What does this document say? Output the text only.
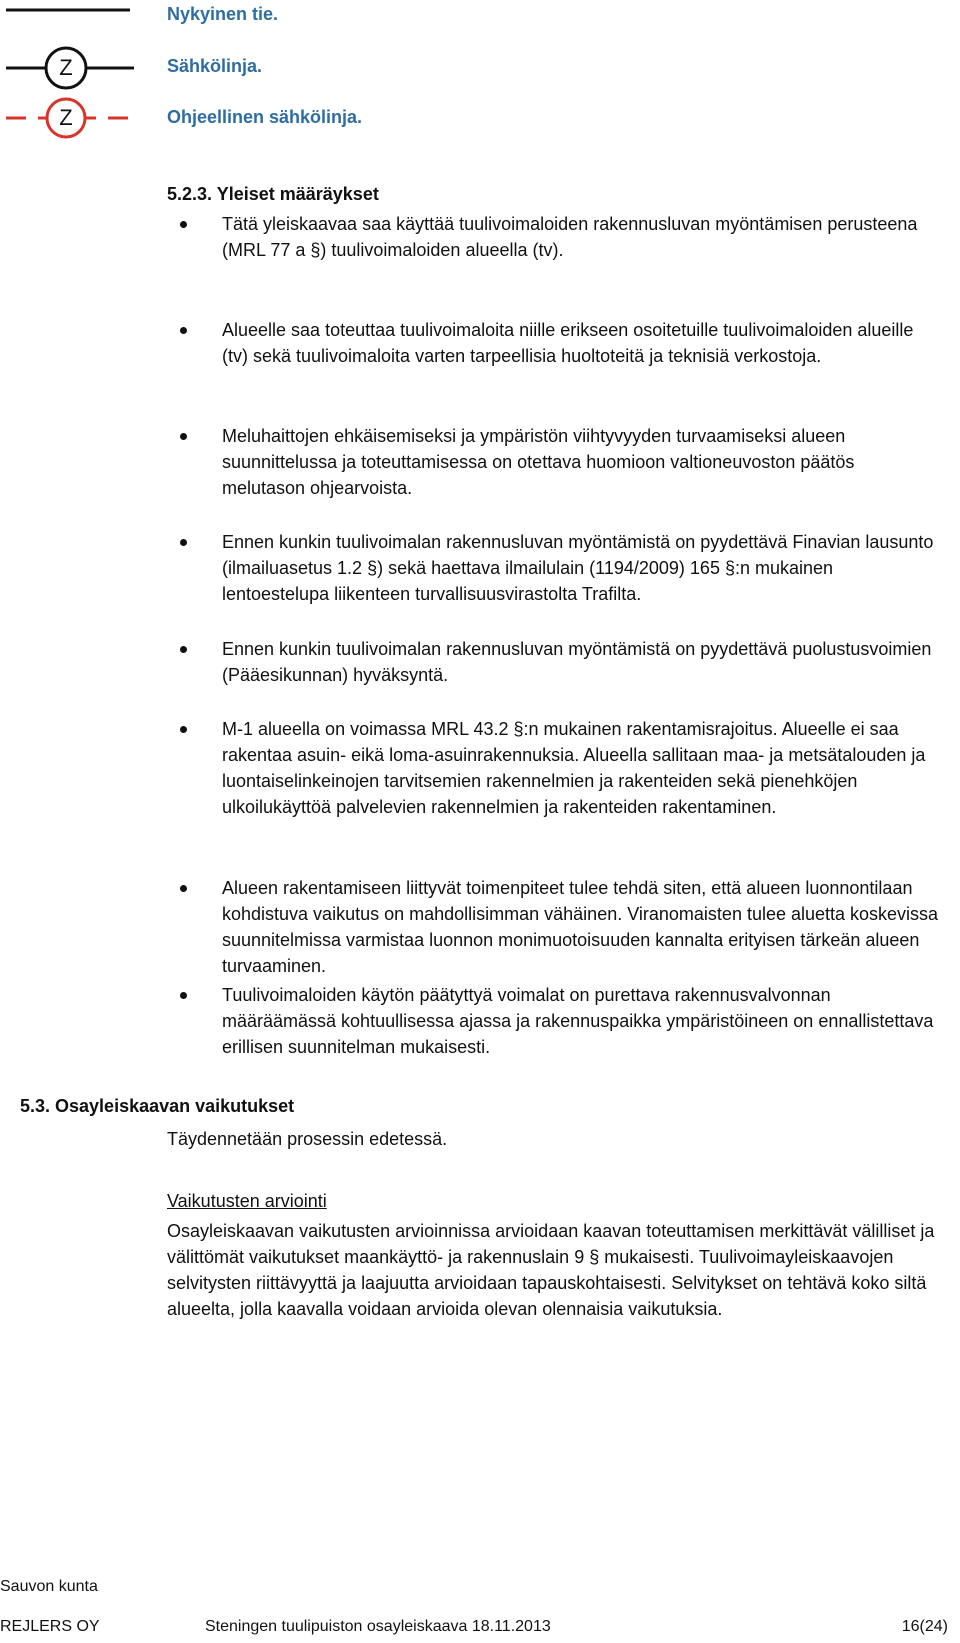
Nykyinen tie.
Z	Sähkölinja.
Z	Ohjeellinen sähkölinja.
5.2.3. Yleiset määräykset
Tätä yleiskaavaa saa käyttää tuulivoimaloiden rakennusluvan myöntämisen perusteena (MRL 77 a §) tuulivoimaloiden alueella (tv).
Alueelle saa toteuttaa tuulivoimaloita niille erikseen osoitetuille tuulivoimaloiden alueille (tv) sekä tuulivoimaloita varten tarpeellisia huoltoteitä ja teknisiä verkostoja.
Meluhaittojen ehkäisemiseksi ja ympäristön viihtyvyyden turvaamiseksi alueen suunnittelussa ja toteuttamisessa on otettava huomioon valtioneuvoston päätös melutason ohjearvoista.
Ennen kunkin tuulivoimalan rakennusluvan myöntämistä on pyydettävä Finavian lausunto (ilmailuasetus 1.2 §) sekä haettava ilmailulain (1194/2009) 165 §:n mukainen lentoestelupa liikenteen turvallisuusvirastolta Trafilta.
Ennen kunkin tuulivoimalan rakennusluvan myöntämistä on pyydettävä puolustusvoimien (Pääesikunnan) hyväksyntä.
M-1 alueella on voimassa MRL 43.2 §:n mukainen rakentamisrajoitus. Alueelle ei saa rakentaa asuin- eikä loma-asuinrakennuksia. Alueella sallitaan maa- ja metsätalouden ja luontaiselinkeinojen tarvitsemien rakennelmien ja rakenteiden sekä pienehköjen ulkoilukäyttöä palvelevien rakennelmien ja rakenteiden rakentaminen.
Alueen rakentamiseen liittyvät toimenpiteet tulee tehdä siten, että alueen luonnontilaan kohdistuva vaikutus on mahdollisimman vähäinen. Viranomaisten tulee aluetta koskevissa suunnitelmissa varmistaa luonnon monimuotoisuuden kannalta erityisen tärkeän alueen turvaaminen.
Tuulivoimaloiden käytön päätyttyä voimalat on purettava rakennusvalvonnan määräämässä kohtuullisessa ajassa ja rakennuspaikka ympäristöineen on ennallistettava erillisen suunnitelman mukaisesti.
5.3. Osayleiskaavan vaikutukset
Täydennetään prosessin edetessä.
Vaikutusten arviointi
Osayleiskaavan vaikutusten arvioinnissa arvioidaan kaavan toteuttamisen merkittävät välilliset ja välittömät vaikutukset maankäyttö- ja rakennuslain 9 § mukaisesti. Tuulivoimayleiskaavojen selvitysten riittävyyttä ja laajuutta arvioidaan tapauskohtaisesti. Selvitykset on tehtävä koko siltä alueelta, jolla kaavalla voidaan arvioida olevan olennaisia vaikutuksia.
Sauvon kunta
REJLERS OY	Steningen tuulipuiston osayleiskaava 18.11.2013	16(24)
